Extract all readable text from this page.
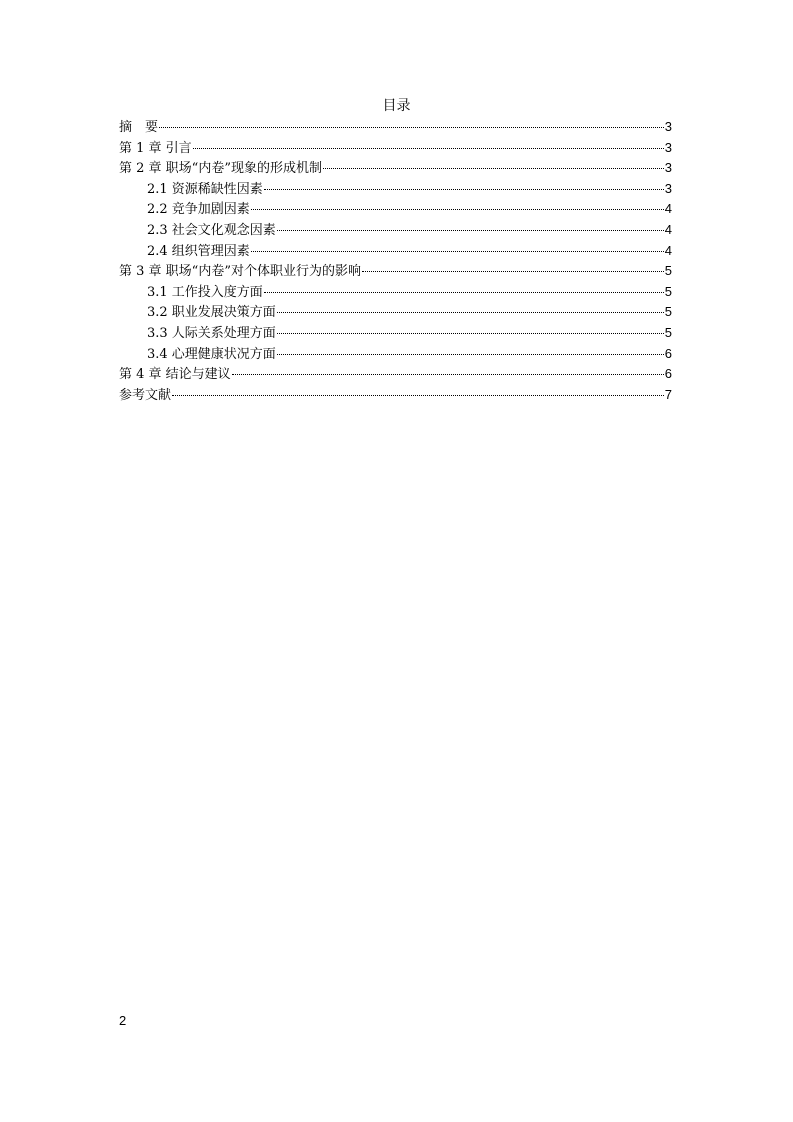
目录
摘　要	3
第 1 章 引言	3
第 2 章 职场“内卷”现象的形成机制	3
2.1 资源稀缺性因素	3
2.2 竞争加剧因素	4
2.3 社会文化观念因素	4
2.4 组织管理因素	4
第 3 章 职场“内卷”对个体职业行为的影响	5
3.1 工作投入度方面	5
3.2 职业发展决策方面	5
3.3 人际关系处理方面	5
3.4 心理健康状况方面	6
第 4 章 结论与建议	6
参考文献	7
2
